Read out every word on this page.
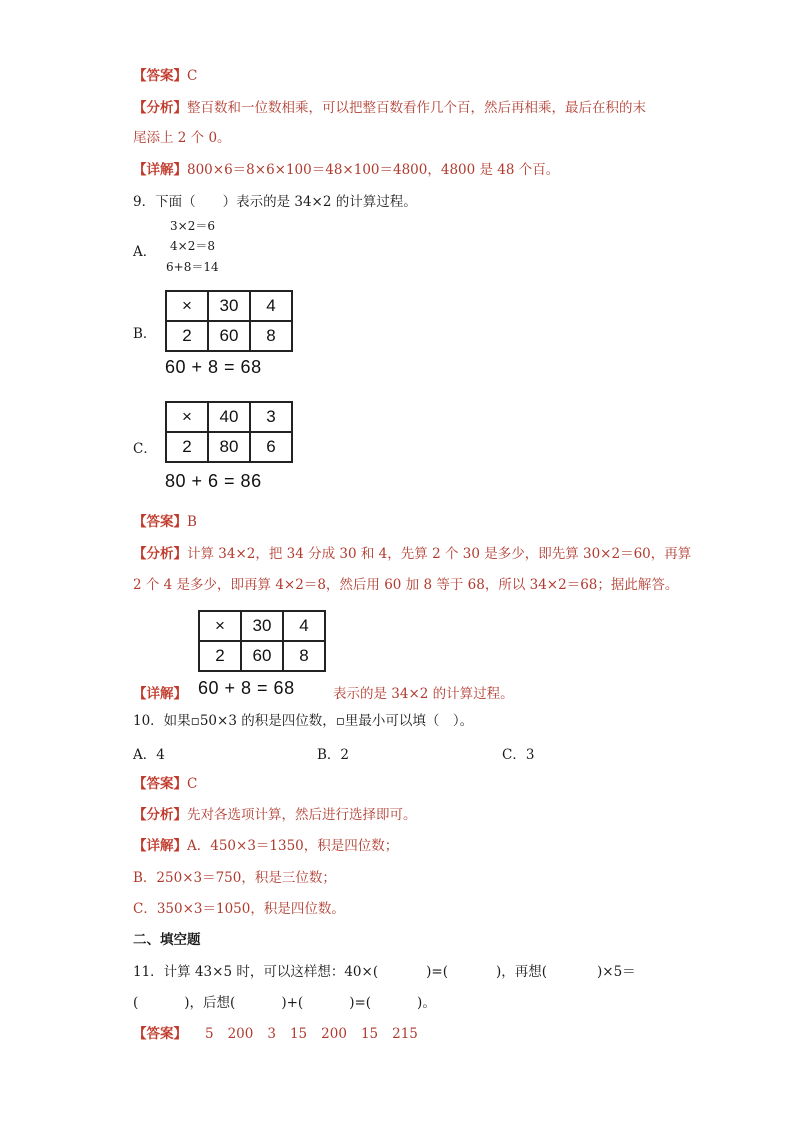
【答案】C
【分析】整百数和一位数相乘，可以把整百数看作几个百，然后再相乘，最后在积的末
尾添上 2 个 0。
【详解】800×6＝8×6×100＝48×100＝4800，4800 是 48 个百。
9．下面（　　）表示的是 34×2 的计算过程。
A．
3×2＝6
4×2＝8
6+8＝14
B．
×	30	4
2	60	8
60 + 8 = 68
C．
×	40	3
2	80	6
80 + 6 = 86
【答案】B
【分析】计算 34×2，把 34 分成 30 和 4，先算 2 个 30 是多少，即先算 30×2＝60，再算
2 个 4 是多少，即再算 4×2＝8，然后用 60 加 8 等于 68，所以 34×2＝68；据此解答。
×	30	4
2	60	8
【详解】 60 + 8 = 68	表示的是 34×2 的计算过程。
10．如果▫50×3 的积是四位数，▫里最小可以填（　）。
A．4	B．2	C．3
【答案】C
【分析】先对各选项计算，然后进行选择即可。
【详解】A．450×3＝1350，积是四位数；
B．250×3＝750，积是三位数；
C．350×3＝1050，积是四位数。
二、填空题
11．计算 43×5 时，可以这样想：40×(	)=(	)，再想(	)×5＝
(	)，后想(	)+(	)=(	)。
【答案】 5 200 3 15 200 15 215
